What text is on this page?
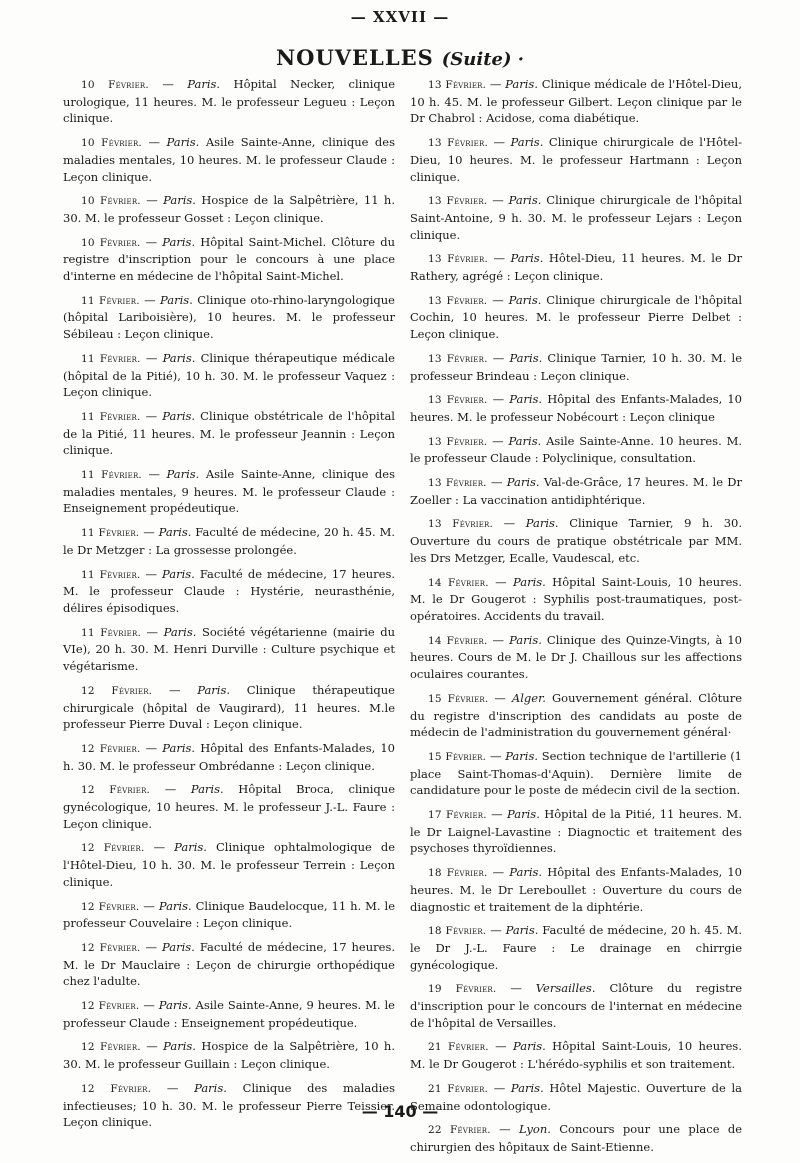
— XXVII —
NOUVELLES (Suite) ·

10 Février. — Paris. Hôpital Necker, clinique urologique, 11 heures. M. le professeur Legueu : Leçon clinique.

10 Février. — Paris. Asile Sainte-Anne, clinique des maladies mentales, 10 heures. M. le professeur Claude : Leçon clinique.

10 Février. — Paris. Hospice de la Salpêtrière, 11 h. 30. M. le professeur Gosset : Leçon clinique.

10 Février. — Paris. Hôpital Saint-Michel. Clôture du registre d'inscription pour le concours à une place d'interne en médecine de l'hôpital Saint-Michel.

11 Février. — Paris. Clinique oto-rhino-laryngologique (hôpital Lariboisière), 10 heures. M. le professeur Sébileau : Leçon clinique.

11 Février. — Paris. Clinique thérapeutique médicale (hôpital de la Pitié), 10 h. 30. M. le professeur Vaquez : Leçon clinique.

11 Février. — Paris. Clinique obstétricale de l'hôpital de la Pitié, 11 heures. M. le professeur Jeannin : Leçon clinique.

11 Février. — Paris. Asile Sainte-Anne, clinique des maladies mentales, 9 heures. M. le professeur Claude : Enseignement propédeutique.

11 Février. — Paris. Faculté de médecine, 20 h. 45. M. le Dr Metzger : La grossesse prolongée.

11 Février. — Paris. Faculté de médecine, 17 heures. M. le professeur Claude : Hystérie, neurasthénie, délires épisodiques.

11 Février. — Paris. Société végétarienne (mairie du VIe), 20 h. 30. M. Henri Durville : Culture psychique et végétarisme.

12 Février. — Paris. Clinique thérapeutique chirurgicale (hôpital de Vaugirard), 11 heures. M.le professeur Pierre Duval : Leçon clinique.

12 Février. — Paris. Hôpital des Enfants-Malades, 10 h. 30. M. le professeur Ombrédanne : Leçon clinique.

12 Février. — Paris. Hôpital Broca, clinique gynécologique, 10 heures. M. le professeur J.-L. Faure : Leçon clinique.

12 Février. — Paris. Clinique ophtalmologique de l'Hôtel-Dieu, 10 h. 30. M. le professeur Terrein : Leçon clinique.

12 Février. — Paris. Clinique Baudelocque, 11 h. M. le professeur Couvelaire : Leçon clinique.

12 Février. — Paris. Faculté de médecine, 17 heures. M. le Dr Mauclaire : Leçon de chirurgie orthopédique chez l'adulte.

12 Février. — Paris. Asile Sainte-Anne, 9 heures. M. le professeur Claude : Enseignement propédeutique.

12 Février. — Paris. Hospice de la Salpêtrière, 10 h. 30. M. le professeur Guillain : Leçon clinique.

12 Février. — Paris. Clinique des maladies infectieuses; 10 h. 30. M. le professeur Pierre Teissier. Leçon clinique.

13 Février. — Paris. Clinique médicale de l'Hôtel-Dieu, 10 h. 45. M. le professeur Gilbert. Leçon clinique par le Dr Chabrol : Acidose, coma diabétique.

13 Février. — Paris. Clinique chirurgicale de l'Hôtel-Dieu, 10 heures. M. le professeur Hartmann : Leçon clinique.

13 Février. — Paris. Clinique chirurgicale de l'hôpital Saint-Antoine, 9 h. 30. M. le professeur Lejars : Leçon clinique.

13 Février. — Paris. Hôtel-Dieu, 11 heures. M. le Dr Rathery, agrégé : Leçon clinique.

13 Février. — Paris. Clinique chirurgicale de l'hôpital Cochin, 10 heures. M. le professeur Pierre Delbet : Leçon clinique.

13 Février. — Paris. Clinique Tarnier, 10 h. 30. M. le professeur Brindeau : Leçon clinique.

13 Février. — Paris. Hôpital des Enfants-Malades, 10 heures. M. le professeur Nobécourt : Leçon clinique

13 Février. — Paris. Asile Sainte-Anne. 10 heures. M. le professeur Claude : Polyclinique, consultation.

13 Février. — Paris. Val-de-Grâce, 17 heures. M. le Dr Zoeller : La vaccination antidiphtérique.

13 Février. — Paris. Clinique Tarnier, 9 h. 30. Ouverture du cours de pratique obstétricale par MM. les Drs Metzger, Ecalle, Vaudescal, etc.

14 Février. — Paris. Hôpital Saint-Louis, 10 heures. M. le Dr Gougerot : Syphilis post-traumatiques, post-opératoires. Accidents du travail.

14 Février. — Paris. Clinique des Quinze-Vingts, à 10 heures. Cours de M. le Dr J. Chaillous sur les affections oculaires courantes.

15 Février. — Alger. Gouvernement général. Clôture du registre d'inscription des candidats au poste de médecin de l'administration du gouvernement général·

15 Février. — Paris. Section technique de l'artillerie (1 place Saint-Thomas-d'Aquin). Dernière limite de candidature pour le poste de médecin civil de la section.

17 Février. — Paris. Hôpital de la Pitié, 11 heures. M. le Dr Laignel-Lavastine : Diagnoctic et traitement des psychoses thyroïdiennes.

18 Février. — Paris. Hôpital des Enfants-Malades, 10 heures. M. le Dr Lereboullet : Ouverture du cours de diagnostic et traitement de la diphtérie.

18 Février. — Paris. Faculté de médecine, 20 h. 45. M. le Dr J.-L. Faure : Le drainage en chirrgie gynécologique.

19 Février. — Versailles. Clôture du registre d'inscription pour le concours de l'internat en médecine de l'hôpital de Versailles.

21 Février. — Paris. Hôpital Saint-Louis, 10 heures. M. le Dr Gougerot : L'hérédo-syphilis et son traitement.

21 Février. — Paris. Hôtel Majestic. Ouverture de la Semaine odontologique.

22 Février. — Lyon. Concours pour une place de chirurgien des hôpitaux de Saint-Etienne.

— 140 —
